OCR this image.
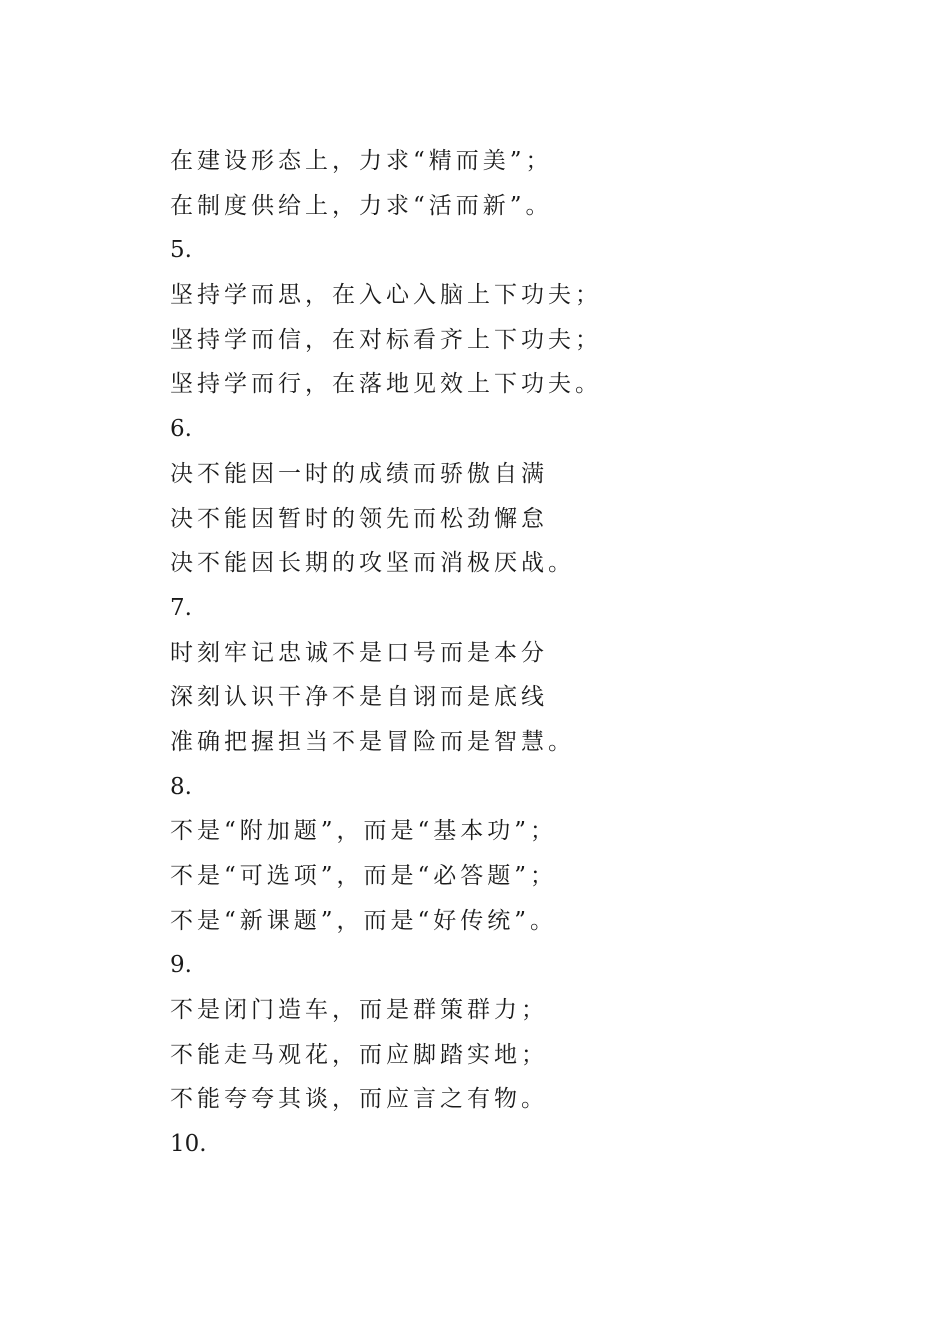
在建设形态上，力求“精而美”；
在制度供给上，力求“活而新”。
5.
坚持学而思，在入心入脑上下功夫；
坚持学而信，在对标看齐上下功夫；
坚持学而行，在落地见效上下功夫。
6.
决不能因一时的成绩而骄傲自满
决不能因暂时的领先而松劲懈怠
决不能因长期的攻坚而消极厌战。
7.
时刻牢记忠诚不是口号而是本分
深刻认识干净不是自诩而是底线
准确把握担当不是冒险而是智慧。
8.
不是“附加题”，而是“基本功”；
不是“可选项”，而是“必答题”；
不是“新课题”，而是“好传统”。
9.
不是闭门造车，而是群策群力；
不能走马观花，而应脚踏实地；
不能夸夸其谈，而应言之有物。
10.
